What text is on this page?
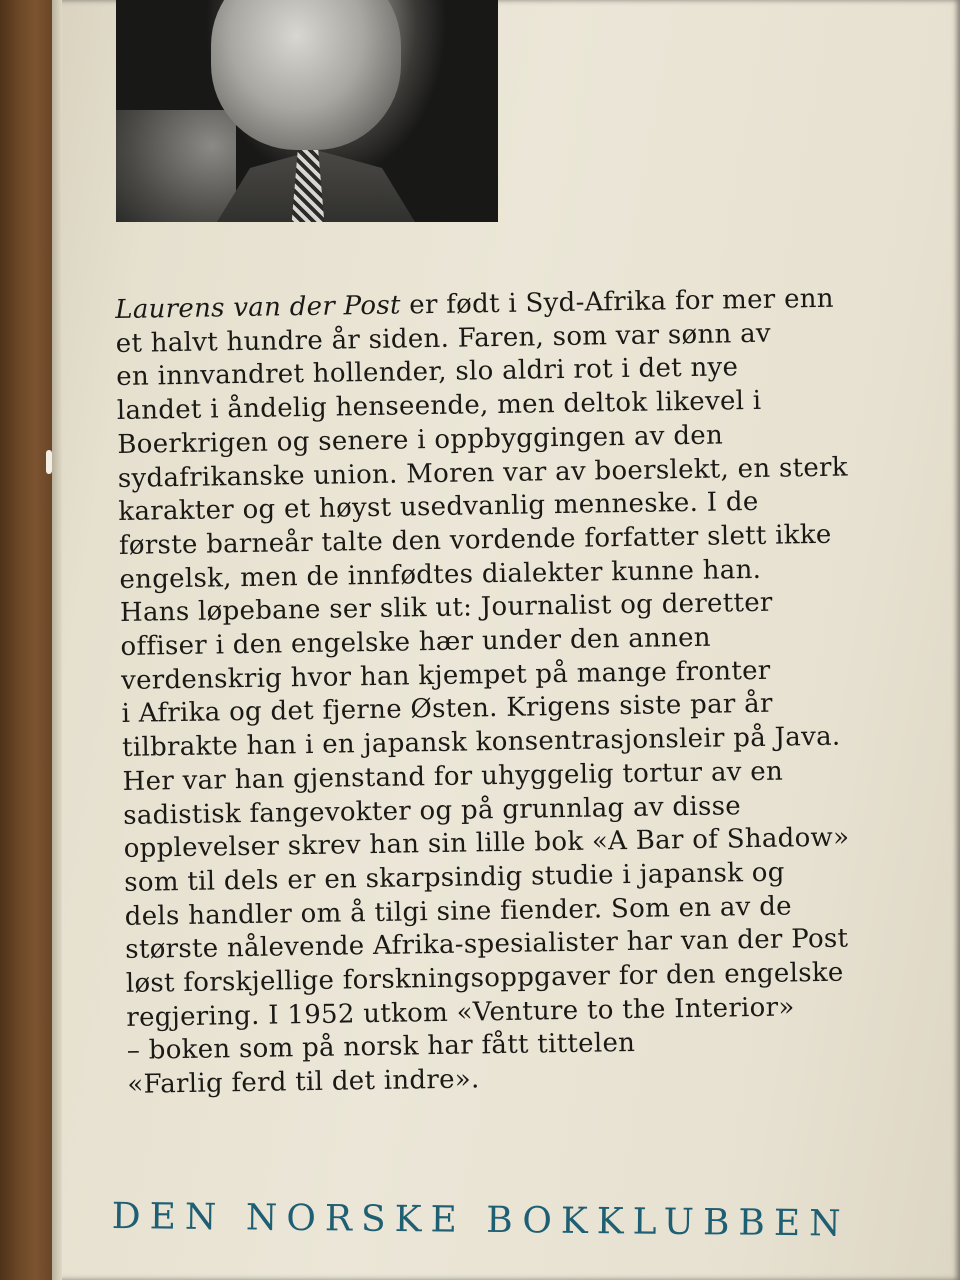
Laurens van der Post er født i Syd-Afrika for mer enn
et halvt hundre år siden. Faren, som var sønn av
en innvandret hollender, slo aldri rot i det nye
landet i åndelig henseende, men deltok likevel i
Boerkrigen og senere i oppbyggingen av den
sydafrikanske union. Moren var av boerslekt, en sterk
karakter og et høyst usedvanlig menneske. I de
første barneår talte den vordende forfatter slett ikke
engelsk, men de innfødtes dialekter kunne han.
Hans løpebane ser slik ut: Journalist og deretter
offiser i den engelske hær under den annen
verdenskrig hvor han kjempet på mange fronter
i Afrika og det fjerne Østen. Krigens siste par år
tilbrakte han i en japansk konsentrasjonsleir på Java.
Her var han gjenstand for uhyggelig tortur av en
sadistisk fangevokter og på grunnlag av disse
opplevelser skrev han sin lille bok «A Bar of Shadow»
som til dels er en skarpsindig studie i japansk og
dels handler om å tilgi sine fiender. Som en av de
største nålevende Afrika-spesialister har van der Post
løst forskjellige forskningsoppgaver for den engelske
regjering. I 1952 utkom «Venture to the Interior»
– boken som på norsk har fått tittelen
«Farlig ferd til det indre».
DEN NORSKE BOKKLUBBEN
